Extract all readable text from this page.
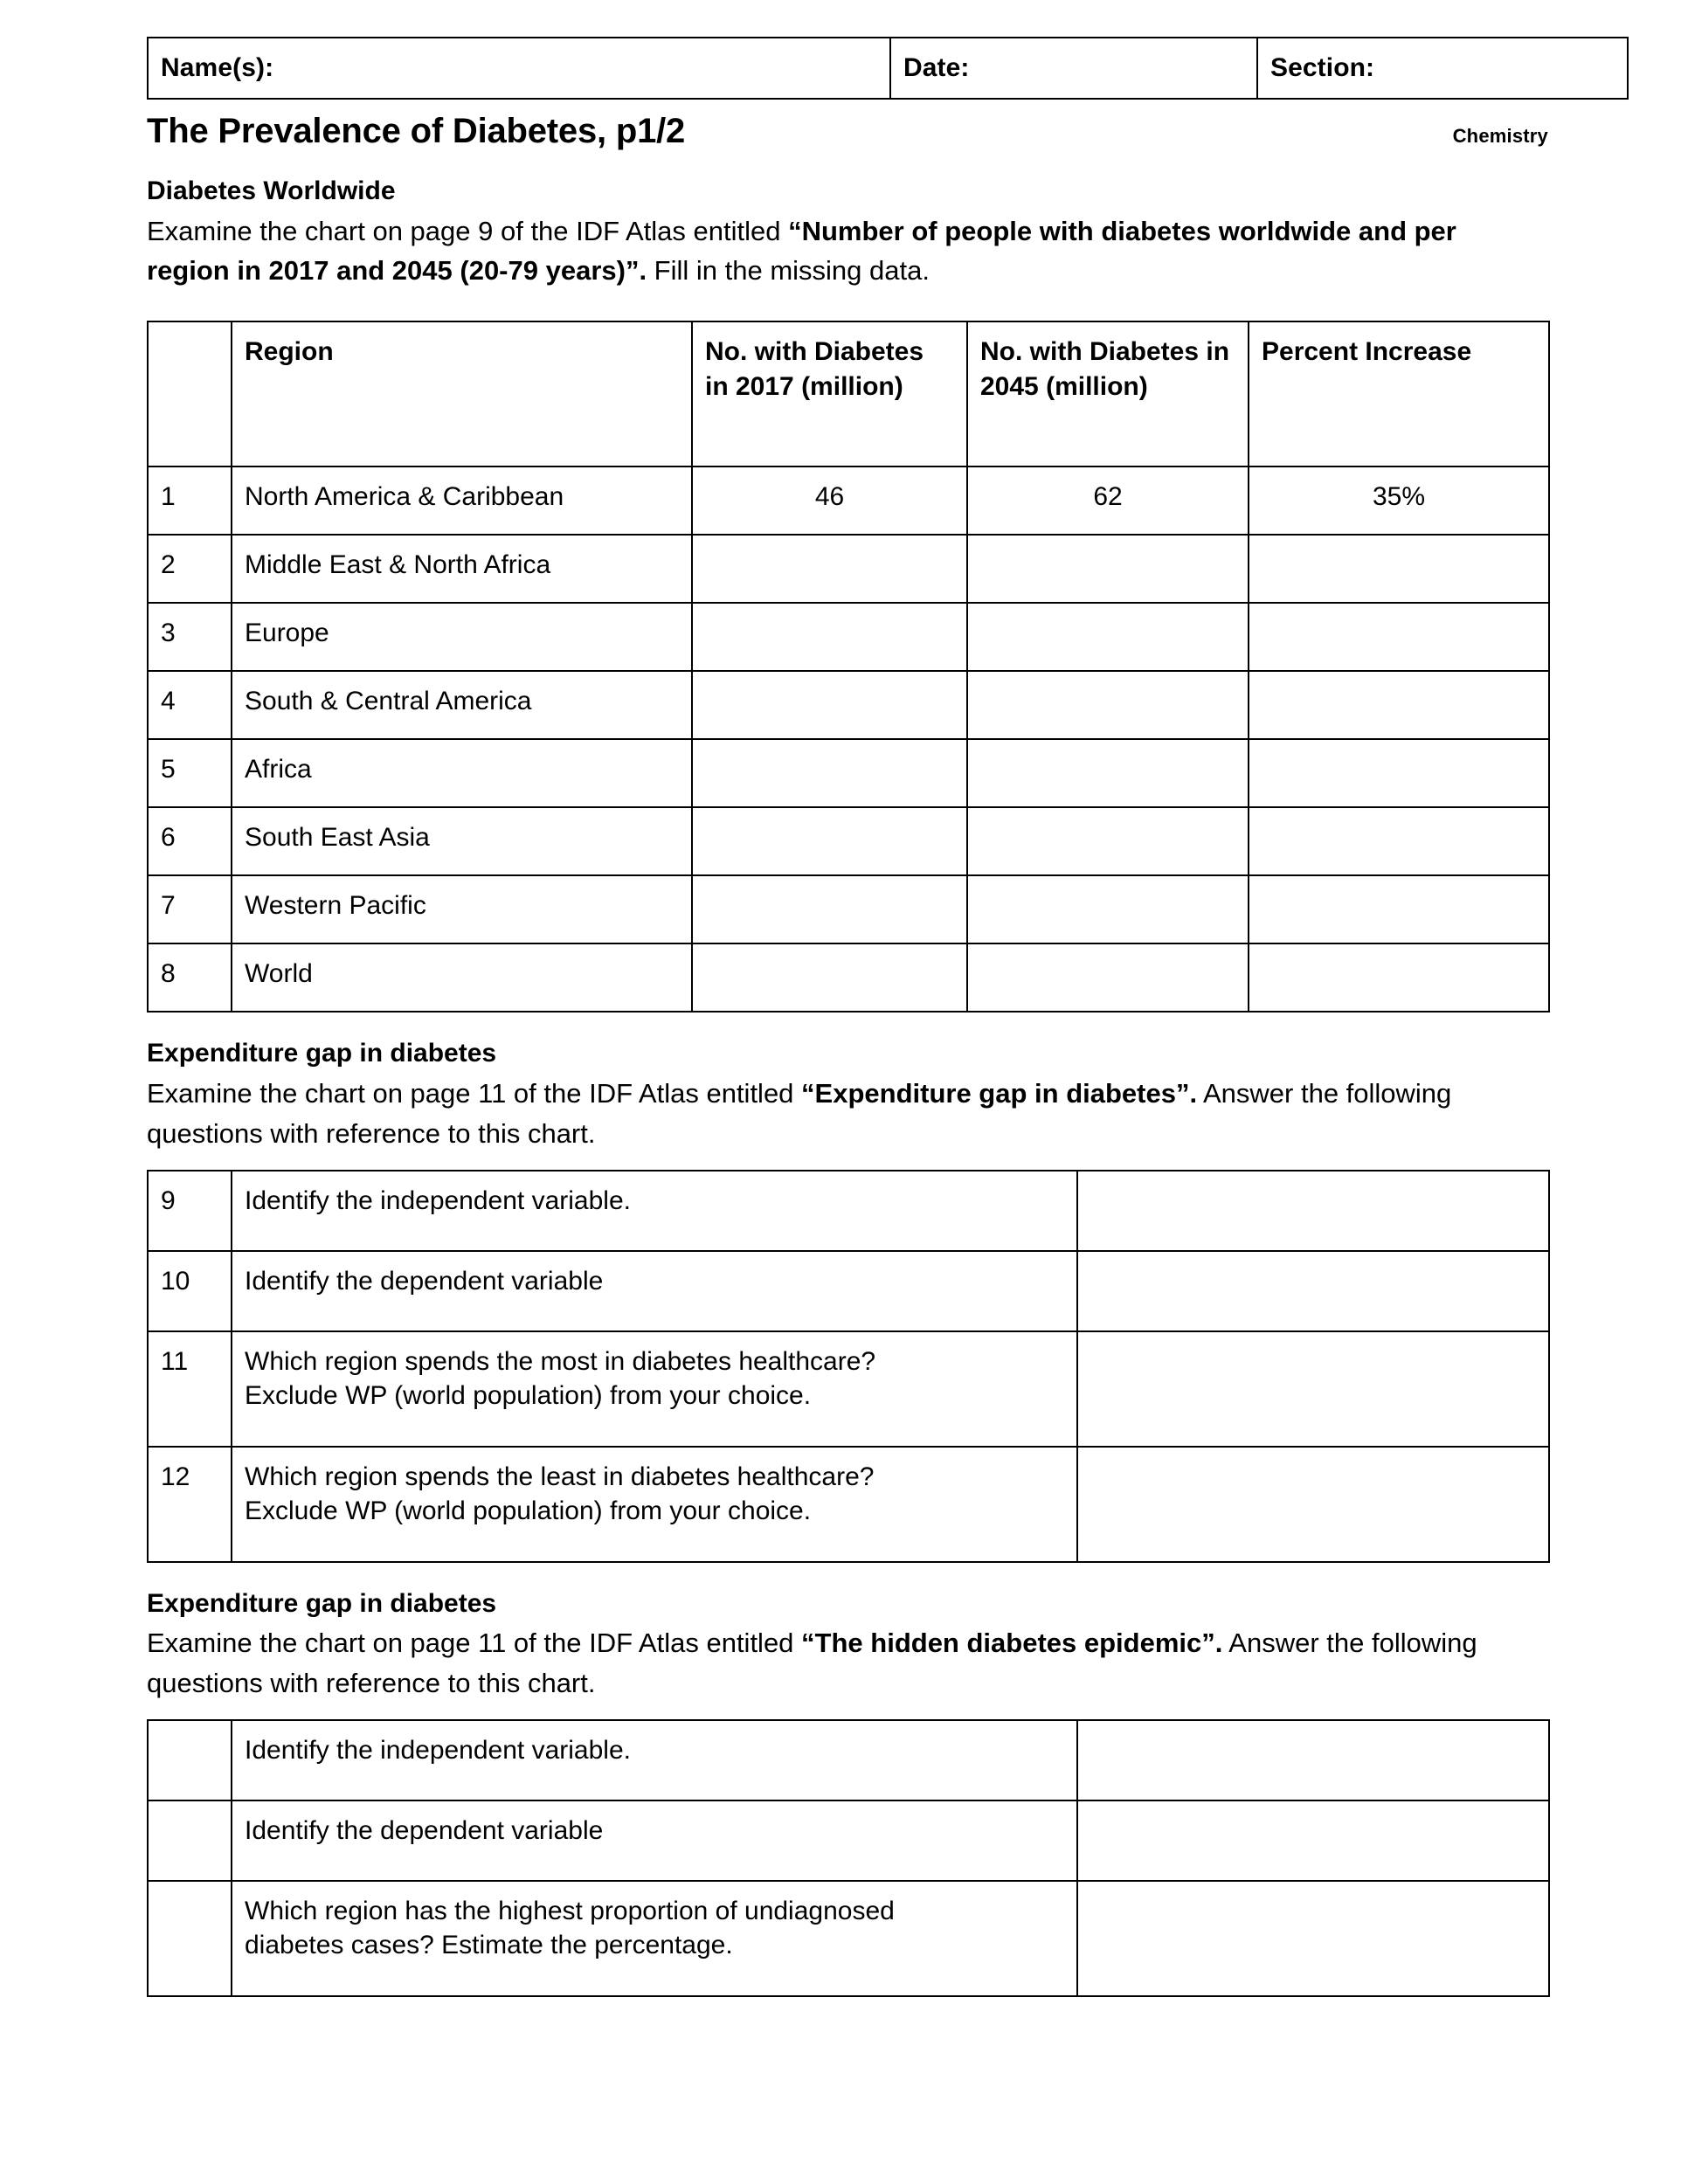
Name(s):	Date:	Section:
The Prevalence of Diabetes, p1/2	Chemistry
Diabetes Worldwide
Examine the chart on page 9 of the IDF Atlas entitled “Number of people with diabetes worldwide and per region in 2017 and 2045 (20-79 years)”. Fill in the missing data.
	Region	No. with Diabetes in 2017 (million)	No. with Diabetes in 2045 (million)	Percent Increase
1	North America & Caribbean	46	62	35%
2	Middle East & North Africa			
3	Europe			
4	South & Central America			
5	Africa			
6	South East Asia			
7	Western Pacific			
8	World			
Expenditure gap in diabetes
Examine the chart on page 11 of the IDF Atlas entitled “Expenditure gap in diabetes”. Answer the following questions with reference to this chart.
9	Identify the independent variable.	
10	Identify the dependent variable	
11	Which region spends the most in diabetes healthcare?
Exclude WP (world population) from your choice.	

12	Which region spends the least in diabetes healthcare?
Exclude WP (world population) from your choice.	

Expenditure gap in diabetes
Examine the chart on page 11 of the IDF Atlas entitled “The hidden diabetes epidemic”. Answer the following questions with reference to this chart.
	Identify the independent variable.	
	Identify the dependent variable	

	Which region has the highest proportion of undiagnosed
diabetes cases? Estimate the percentage.	
